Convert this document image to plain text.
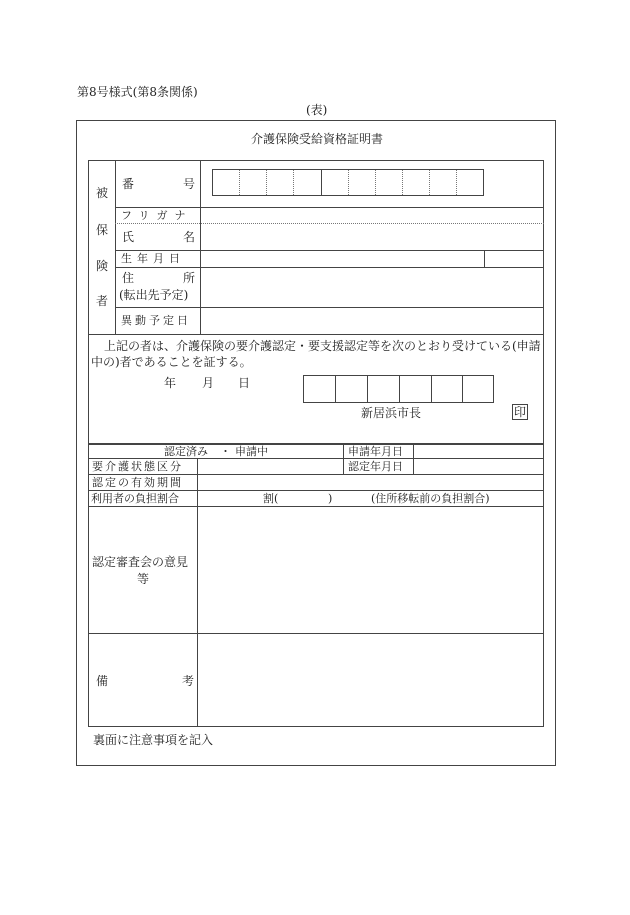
第8号様式(第8条関係)
(表)
介護保険受給資格証明書
被
保
険
者
番	号
フリガナ
氏	名
生年月日
住	所
(転出先予定)
異動予定日
上記の者は、介護保険の要介護認定・要支援認定等を次のとおり受けている(申請
中の)者であることを証する。
年 月 日
新居浜市長	印
認定済み ・ 申請中	申請年月日
要介護状態区分	認定年月日
認定の有効期間
利用者の負担割合	割(	)	(住所移転前の負担割合)
認定審査会の意見
等
備	考
裏面に注意事項を記入
